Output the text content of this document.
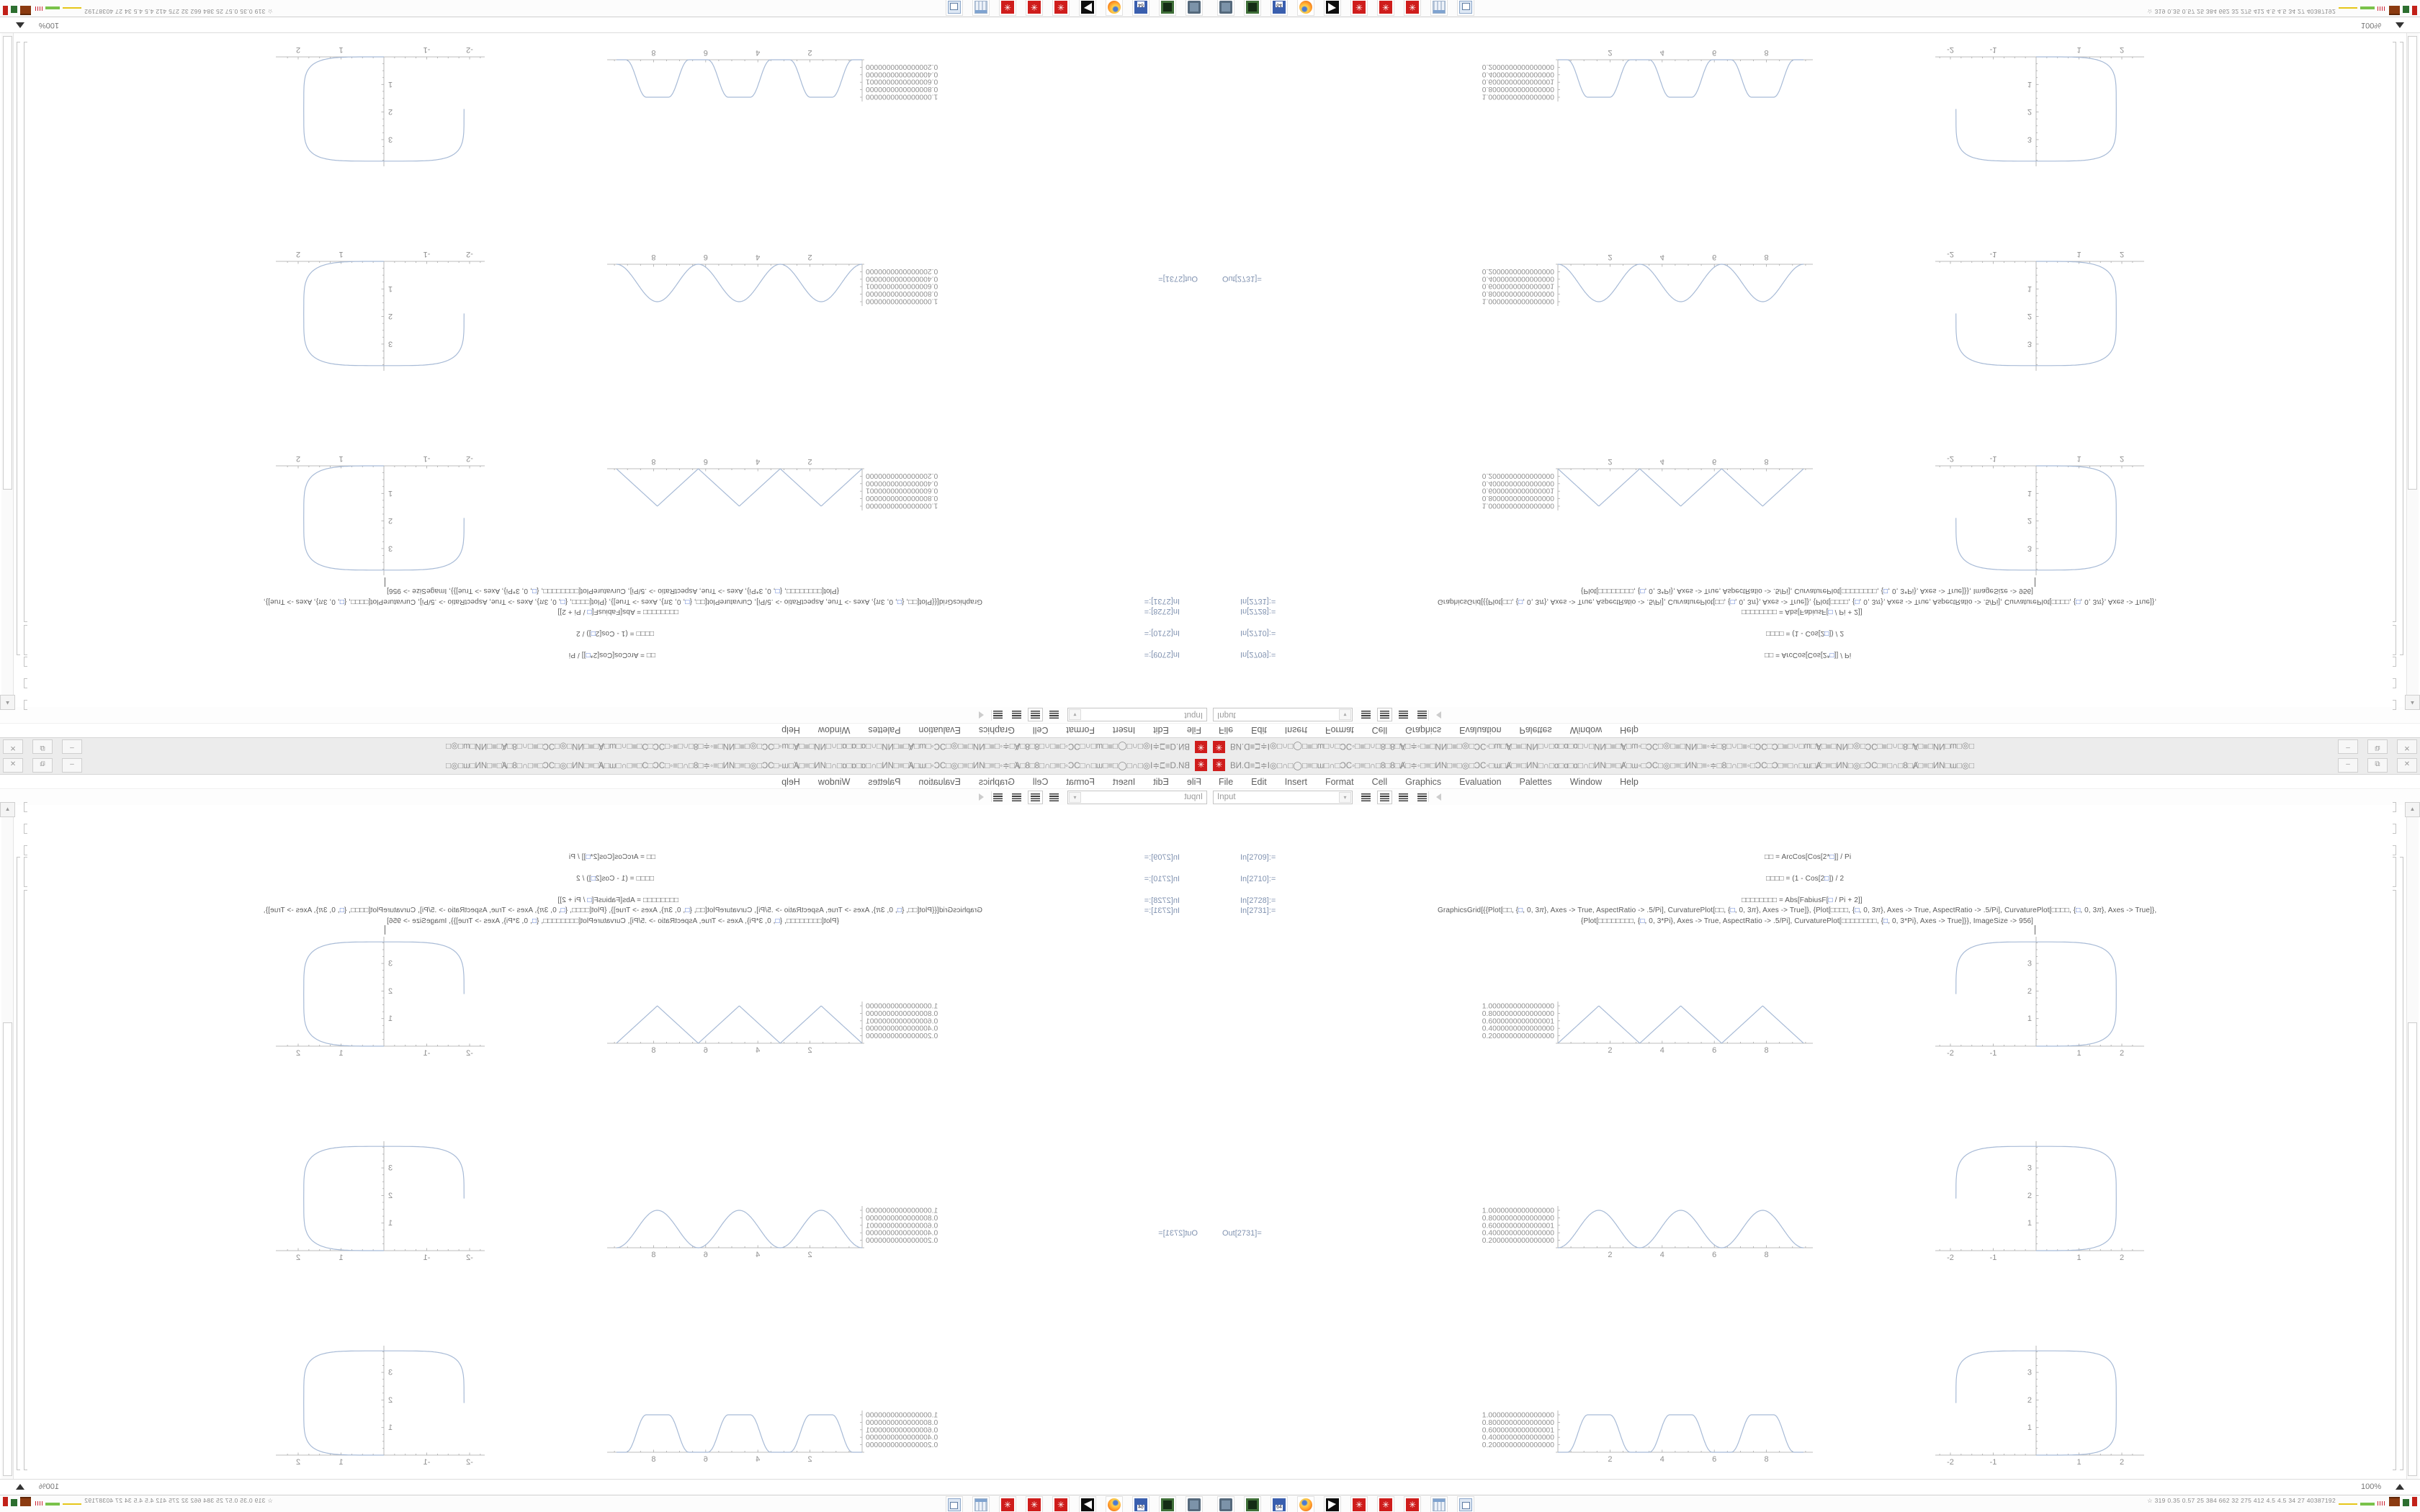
✳ BИ.Ɑ≡ℶ≑Ⅰ◎□∩□◯□≡□ɯ□∩□ϽϹ◦□≡□∩□8□8□Ⱥ□≑◦□≡□ИN□≡□◎□ϽϹ◦□ɯ□Ⱥ□≡□ИN□∩□ɑ□ɑ□ɑ□∩□ИN□≡□Ⱥ□ɯ◦□ϽϹ□◎□≡□ИN□≡◦≑□8□∩□≡◦□ϽϹ□Ͻ□≡□∩□ɯ□Ⱥ□≡□ИN□◎□ϽϹ□≡□∩□8□Ⱥ□≡□ИN□ɯ□◎□	–	⧉	✕
File Edit Insert Format Cell Graphics Evaluation Palettes Window Help
Input	▾
Out[2731]=
In[2709]:=	□□ = ArcCos[Cos[2*□]] / Pi
In[2710]:=	□□□□ = (1 - Cos[2□]) / 2
In[2728]:=	□□□□□□□□ = Abs[FabiusF[□ / Pi + 2]]
In[2731]:=	GraphicsGrid[{{Plot[□□, {□, 0, 3π}, Axes -> True, AspectRatio -> .5/Pi], CurvaturePlot[□□, {□, 0, 3π}, Axes -> True]}, {Plot[□□□□, {□, 0, 3π}, Axes -> True, AspectRatio -> .5/Pi], CurvaturePlot[□□□□, {□, 0, 3π}, Axes -> True]},
{Plot[□□□□□□□□, {□, 0, 3*Pi}, Axes -> True, AspectRatio -> .5/Pi], CurvaturePlot[□□□□□□□□, {□, 0, 3*Pi}, Axes -> True]}}, ImageSize -> 956]
2	4	6	8
1.0000000000000000
0.8000000000000000
0.6000000000000001
0.4000000000000000
0.2000000000000000
-2	-1	1	2
1
2
3
2	4	6	8
1.0000000000000000
0.8000000000000000
0.6000000000000001
0.4000000000000000
0.2000000000000000
-2	-1	1	2
1
2
3
2	4	6	8
1.0000000000000000
0.8000000000000000
0.6000000000000001
0.4000000000000000
0.2000000000000000
-2	-1	1	2
1
2
3
▲
100%
64	✳	✳	✳	☆ 319 0.35 0.57 25 384 662 32 275 412 4.5 4.5 34 27 40387192
✳ BИ.Ɑ≡ℶ≑Ⅰ◎□∩□◯□≡□ɯ□∩□ϽϹ◦□≡□∩□8□8□Ⱥ□≑◦□≡□ИN□≡□◎□ϽϹ◦□ɯ□Ⱥ□≡□ИN□∩□ɑ□ɑ□ɑ□∩□ИN□≡□Ⱥ□ɯ◦□ϽϹ□◎□≡□ИN□≡◦≑□8□∩□≡◦□ϽϹ□Ͻ□≡□∩□ɯ□Ⱥ□≡□ИN□◎□ϽϹ□≡□∩□8□Ⱥ□≡□ИN□ɯ□◎□	–	⧉	✕
File Edit Insert Format Cell Graphics Evaluation Palettes Window Help
Input	▾
Out[2731]=
In[2709]:=	□□ = ArcCos[Cos[2*□]] / Pi
In[2710]:=	□□□□ = (1 - Cos[2□]) / 2
In[2728]:=	□□□□□□□□ = Abs[FabiusF[□ / Pi + 2]]
In[2731]:=	GraphicsGrid[{{Plot[□□, {□, 0, 3π}, Axes -> True, AspectRatio -> .5/Pi], CurvaturePlot[□□, {□, 0, 3π}, Axes -> True]}, {Plot[□□□□, {□, 0, 3π}, Axes -> True, AspectRatio -> .5/Pi], CurvaturePlot[□□□□, {□, 0, 3π}, Axes -> True]},
{Plot[□□□□□□□□, {□, 0, 3*Pi}, Axes -> True, AspectRatio -> .5/Pi], CurvaturePlot[□□□□□□□□, {□, 0, 3*Pi}, Axes -> True]}}, ImageSize -> 956]
2	4	6	8
1.0000000000000000
0.8000000000000000
0.6000000000000001
0.4000000000000000
0.2000000000000000
-2	-1	1	2
1
2
3
2	4	6	8
1.0000000000000000
0.8000000000000000
0.6000000000000001
0.4000000000000000
0.2000000000000000
-2	-1	1	2
1
2
3
2	4	6	8
1.0000000000000000
0.8000000000000000
0.6000000000000001
0.4000000000000000
0.2000000000000000
-2	-1	1	2
1
2
3
▲
100%
64	✳	✳	✳	☆ 319 0.35 0.57 25 384 662 32 275 412 4.5 4.5 34 27 40387192
✳
BИ.Ɑ≡ℶ≑Ⅰ◎□∩□◯□≡□ɯ□∩□ϽϹ◦□≡□∩□8□8□Ⱥ□≑◦□≡□ИN□≡□◎□ϽϹ◦□ɯ□Ⱥ□≡□ИN□∩□ɑ□ɑ□ɑ□∩□ИN□≡□Ⱥ□ɯ◦□ϽϹ□◎□≡□ИN□≡◦≑□8□∩□≡◦□ϽϹ□Ͻ□≡□∩□ɯ□Ⱥ□≡□ИN□◎□ϽϹ□≡□∩□8□Ⱥ□≡□ИN□ɯ□◎□
–
⧉
✕
File
Edit
Insert
Format
Cell
Graphics
Evaluation
Palettes
Window
Help
Input
▾
Out[2731]=
In[2709]:=
□□ = ArcCos[Cos[2*□]] / Pi
In[2710]:=
□□□□ = (1 - Cos[2□]) / 2
In[2728]:=
□□□□□□□□ = Abs[FabiusF[□ / Pi + 2]]
In[2731]:=
GraphicsGrid[{{Plot[□□, {□, 0, 3π}, Axes -> True, AspectRatio -> .5/Pi], CurvaturePlot[□□, {□, 0, 3π}, Axes -> True]}, {Plot[□□□□, {□, 0, 3π}, Axes -> True, AspectRatio -> .5/Pi], CurvaturePlot[□□□□, {□, 0, 3π}, Axes -> True]},
{Plot[□□□□□□□□, {□, 0, 3*Pi}, Axes -> True, AspectRatio -> .5/Pi], CurvaturePlot[□□□□□□□□, {□, 0, 3*Pi}, Axes -> True]}}, ImageSize -> 956]
2
4
6
8
1.0000000000000000
0.8000000000000000
0.6000000000000001
0.4000000000000000
0.2000000000000000
-2
-1
1
2
1
2
3
2
4
6
8
1.0000000000000000
0.8000000000000000
0.6000000000000001
0.4000000000000000
0.2000000000000000
-2
-1
1
2
1
2
3
2
4
6
8
1.0000000000000000
0.8000000000000000
0.6000000000000001
0.4000000000000000
0.2000000000000000
-2
-1
1
2
1
2
3
▲
100%
64
✳
✳
✳
☆ 319 0.35 0.57 25 384 662 32 275 412 4.5 4.5 34 27 40387192
✳
BИ.Ɑ≡ℶ≑Ⅰ◎□∩□◯□≡□ɯ□∩□ϽϹ◦□≡□∩□8□8□Ⱥ□≑◦□≡□ИN□≡□◎□ϽϹ◦□ɯ□Ⱥ□≡□ИN□∩□ɑ□ɑ□ɑ□∩□ИN□≡□Ⱥ□ɯ◦□ϽϹ□◎□≡□ИN□≡◦≑□8□∩□≡◦□ϽϹ□Ͻ□≡□∩□ɯ□Ⱥ□≡□ИN□◎□ϽϹ□≡□∩□8□Ⱥ□≡□ИN□ɯ□◎□
–
⧉
✕
File
Edit
Insert
Format
Cell
Graphics
Evaluation
Palettes
Window
Help
Input
▾
Out[2731]=
In[2709]:=
□□ = ArcCos[Cos[2*□]] / Pi
In[2710]:=
□□□□ = (1 - Cos[2□]) / 2
In[2728]:=
□□□□□□□□ = Abs[FabiusF[□ / Pi + 2]]
In[2731]:=
GraphicsGrid[{{Plot[□□, {□, 0, 3π}, Axes -> True, AspectRatio -> .5/Pi], CurvaturePlot[□□, {□, 0, 3π}, Axes -> True]}, {Plot[□□□□, {□, 0, 3π}, Axes -> True, AspectRatio -> .5/Pi], CurvaturePlot[□□□□, {□, 0, 3π}, Axes -> True]},
{Plot[□□□□□□□□, {□, 0, 3*Pi}, Axes -> True, AspectRatio -> .5/Pi], CurvaturePlot[□□□□□□□□, {□, 0, 3*Pi}, Axes -> True]}}, ImageSize -> 956]
2
4
6
8
1.0000000000000000
0.8000000000000000
0.6000000000000001
0.4000000000000000
0.2000000000000000
-2
-1
1
2
1
2
3
2
4
6
8
1.0000000000000000
0.8000000000000000
0.6000000000000001
0.4000000000000000
0.2000000000000000
-2
-1
1
2
1
2
3
2
4
6
8
1.0000000000000000
0.8000000000000000
0.6000000000000001
0.4000000000000000
0.2000000000000000
-2
-1
1
2
1
2
3
▲
100%
64
✳
✳
✳
☆ 319 0.35 0.57 25 384 662 32 275 412 4.5 4.5 34 27 40387192
